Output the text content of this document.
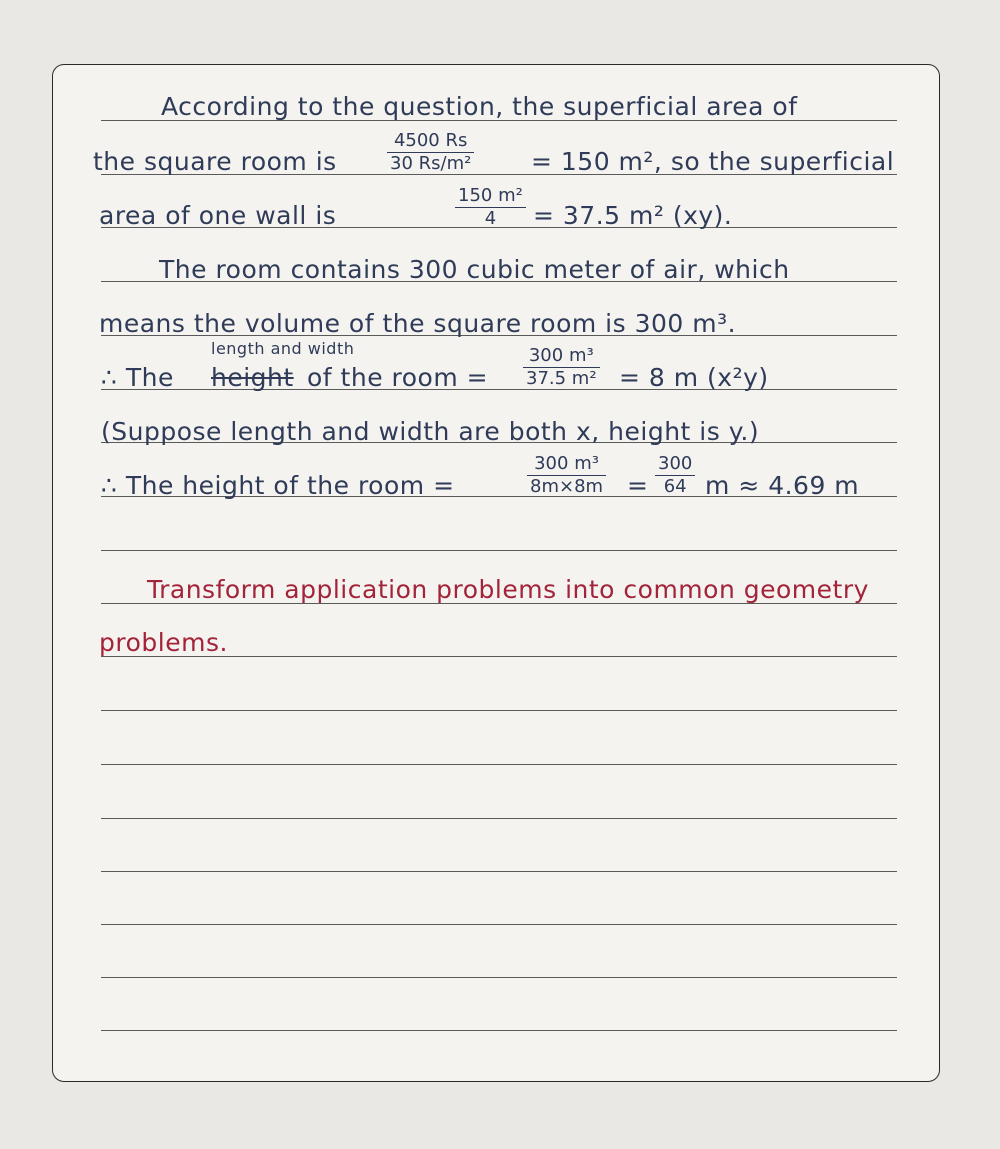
According to the question, the superficial area of
the square room is
4500 Rs
30 Rs/m² = 150 m², so the superficial
area of one wall is
150 m²
4 = 37.5 m² (xy).
The room contains 300 cubic meter of air, which
means the volume of the square room is 300 m³.
length and width
∴ The height of the room =
300 m³
37.5 m² = 8 m (x²y)
(Suppose length and width are both x, height is y.)
∴ The height of the room =
300 m³
8m×8m =
300
64 m ≈ 4.69 m
Transform application problems into common geometry
problems.
